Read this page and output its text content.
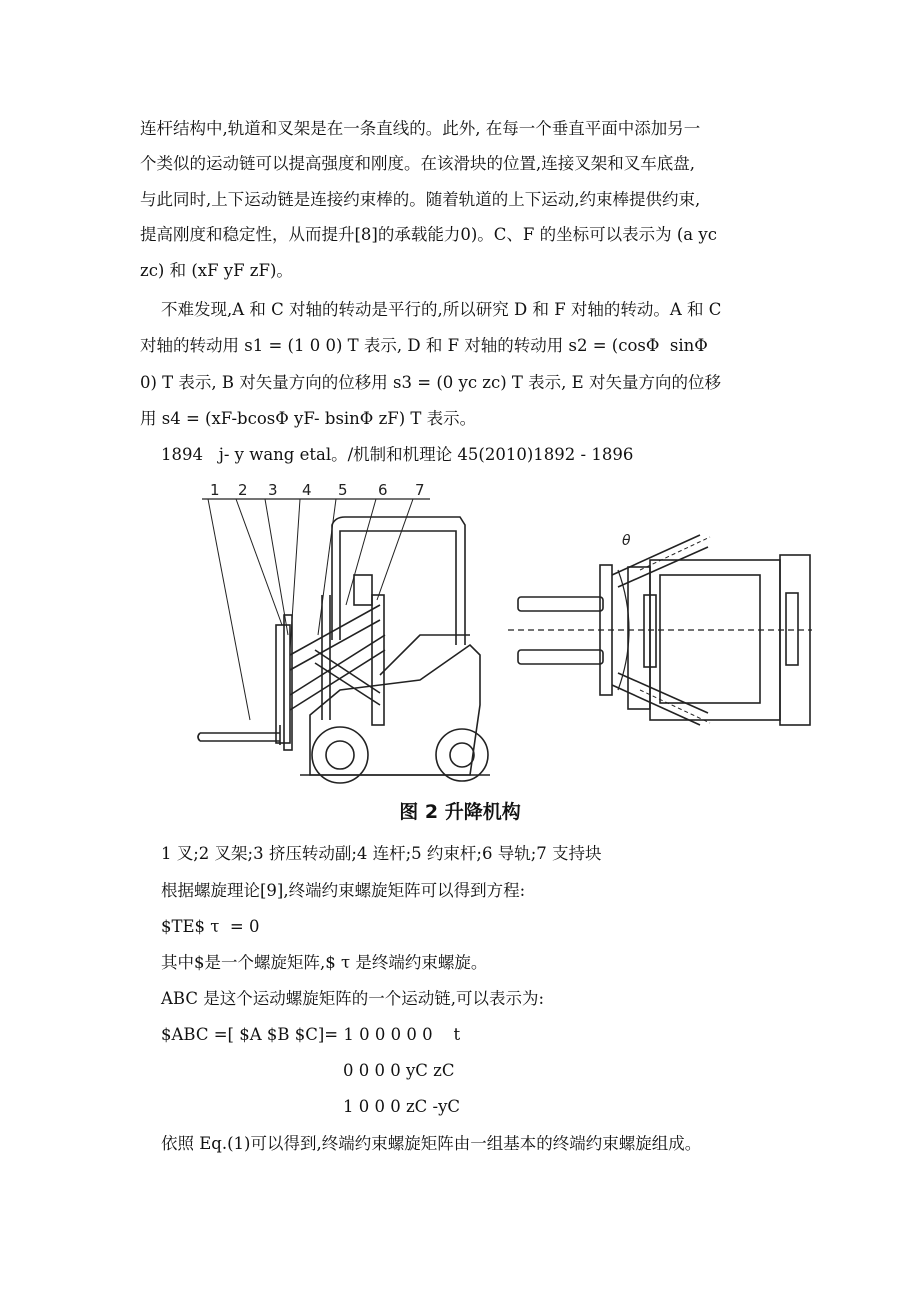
连杆结构中,轨道和叉架是在一条直线的。此外, 在每一个垂直平面中添加另一
个类似的运动链可以提高强度和刚度。在该滑块的位置,连接叉架和叉车底盘,
与此同时,上下运动链是连接约束棒的。随着轨道的上下运动,约束棒提供约束,
提高刚度和稳定性，从而提升[8]的承载能力0)。C、F 的坐标可以表示为 (a yc
zc) 和 (xF yF zF)。
不难发现,A 和 C 对轴的转动是平行的,所以研究 D 和 F 对轴的转动。A 和 C
对轴的转动用 s1 = (1 0 0) T 表示, D 和 F 对轴的转动用 s2 = (cosΦ  sinΦ
0) T 表示, B 对矢量方向的位移用 s3 = (0 yc zc) T 表示, E 对矢量方向的位移
用 s4 = (xF-bcosΦ yF- bsinΦ zF) T 表示。
1894   j- y wang etal。/机制和机理论 45(2010)1892 - 1896
1 2 3 4 5 6 7
θ
图 2 升降机构
1 叉;2 叉架;3 挤压转动副;4 连杆;5 约束杆;6 导轨;7 支持块
根据螺旋理论[9],终端约束螺旋矩阵可以得到方程:
$TE$ τ  = 0
其中$是一个螺旋矩阵,$ τ 是终端约束螺旋。
ABC 是这个运动螺旋矩阵的一个运动链,可以表示为:
$ABC =[ $A $B $C]= 1 0 0 0 0 0    t
0 0 0 0 yC zC
1 0 0 0 zC -yC
依照 Eq.(1)可以得到,终端约束螺旋矩阵由一组基本的终端约束螺旋组成。
